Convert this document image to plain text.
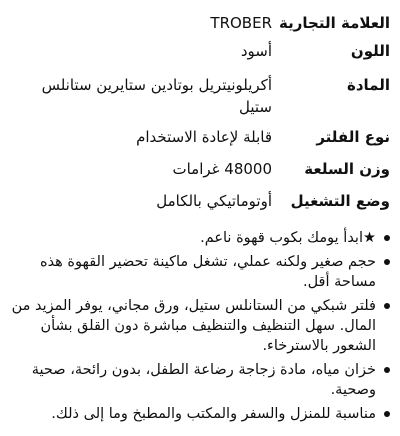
العلامة التجارية
TROBER
اللون
أسود
المادة
أكريلونيتريل بوتادين ستايرين ستانلس ستيل
نوع الفلتر
قابلة لإعادة الاستخدام
وزن السلعة
48000 غرامات
وضع التشغيل
أوتوماتيكي بالكامل
★ابدأ يومك بكوب قهوة ناعم.
حجم صغير ولكنه عملي، تشغل ماكينة تحضير القهوة هذه مساحة أقل.
فلتر شبكي من الستانلس ستيل، ورق مجاني، يوفر المزيد من المال. سهل التنظيف والتنظيف مباشرة دون القلق بشأن الشعور بالاسترخاء.
خزان مياه، مادة زجاجة رضاعة الطفل، بدون رائحة، صحية وصحية.
مناسبة للمنزل والسفر والمكتب والمطبخ وما إلى ذلك.
